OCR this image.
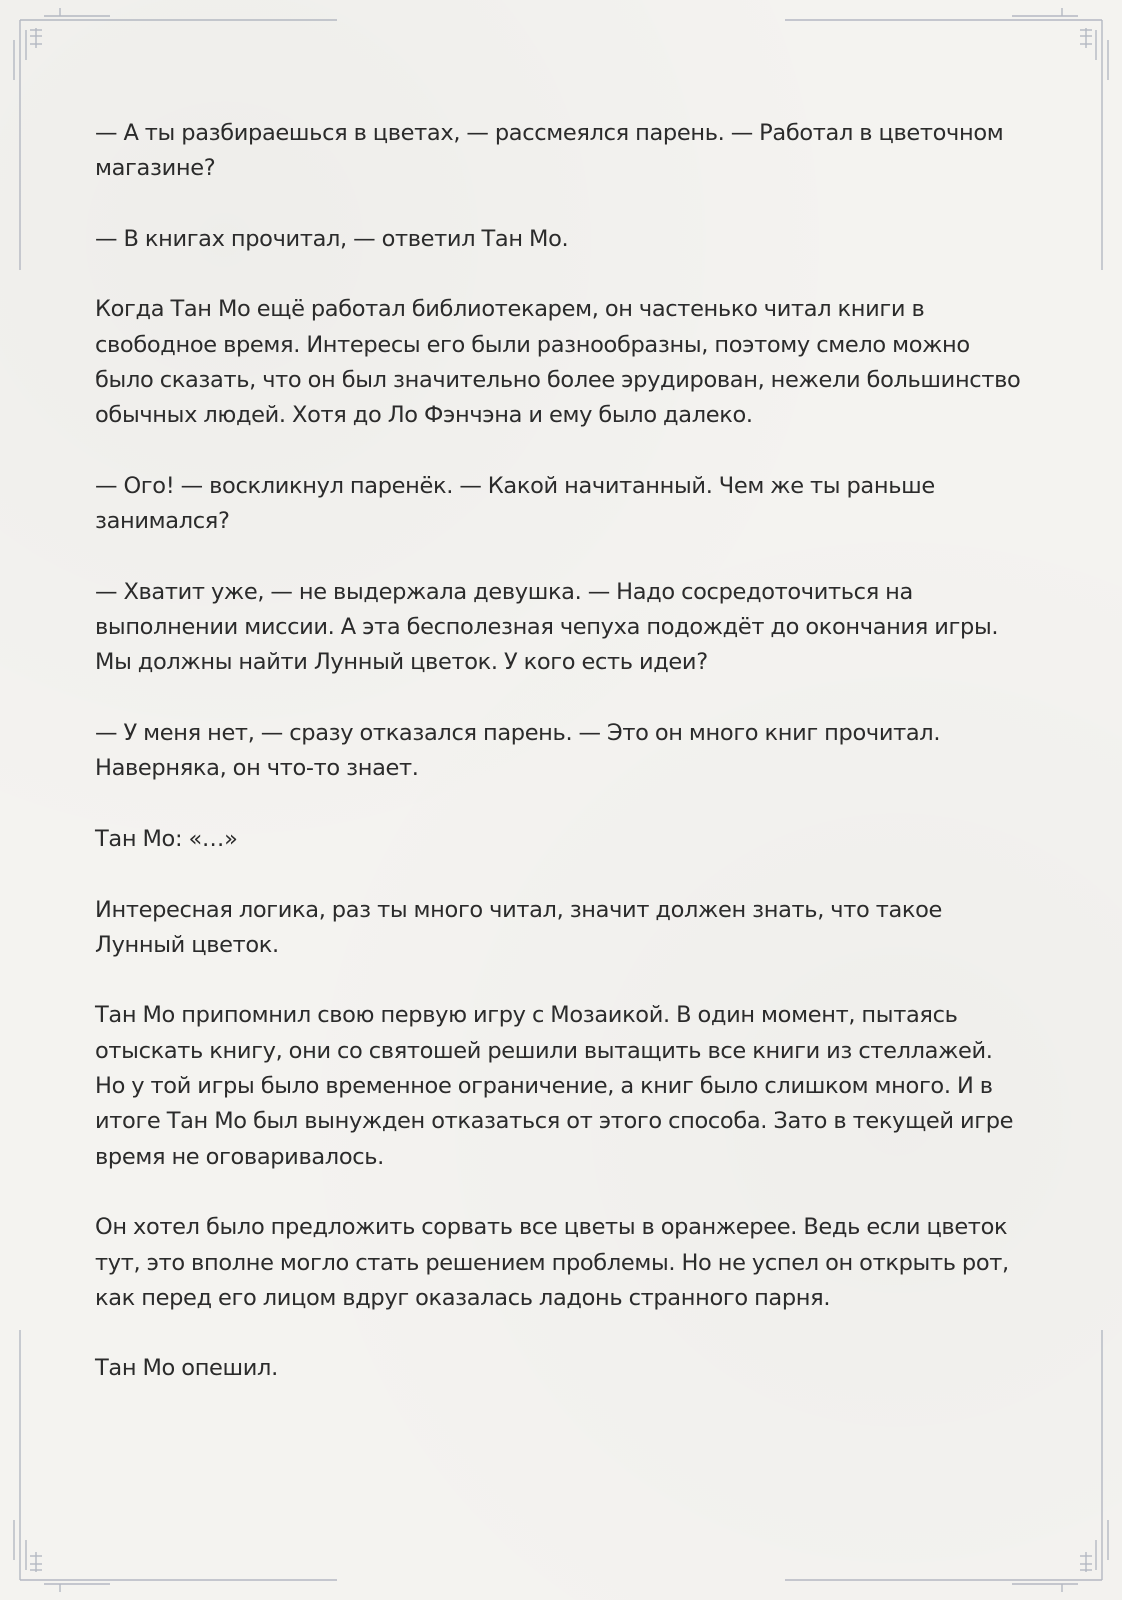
— А ты разбираешься в цветах, — рассмеялся парень. — Работал в цветочном магазине?

— В книгах прочитал, — ответил Тан Мо.

Когда Тан Мо ещё работал библиотекарем, он частенько читал книги в свободное время. Интересы его были разнообразны, поэтому смело можно было сказать, что он был значительно более эрудирован, нежели большинство обычных людей. Хотя до Ло Фэнчэна и ему было далеко.

— Ого! — воскликнул паренёк. — Какой начитанный. Чем же ты раньше занимался?

— Хватит уже, — не выдержала девушка. — Надо сосредоточиться на выполнении миссии. А эта бесполезная чепуха подождёт до окончания игры. Мы должны найти Лунный цветок. У кого есть идеи?

— У меня нет, — сразу отказался парень. — Это он много книг прочитал. Наверняка, он что-то знает.

Тан Мо: «…»

Интересная логика, раз ты много читал, значит должен знать, что такое Лунный цветок.

Тан Мо припомнил свою первую игру с Мозаикой. В один момент, пытаясь отыскать книгу, они со святошей решили вытащить все книги из стеллажей. Но у той игры было временное ограничение, а книг было слишком много. И в итоге Тан Мо был вынужден отказаться от этого способа. Зато в текущей игре время не оговаривалось.

Он хотел было предложить сорвать все цветы в оранжерее. Ведь если цветок тут, это вполне могло стать решением проблемы. Но не успел он открыть рот, как перед его лицом вдруг оказалась ладонь странного парня.

Тан Мо опешил.
